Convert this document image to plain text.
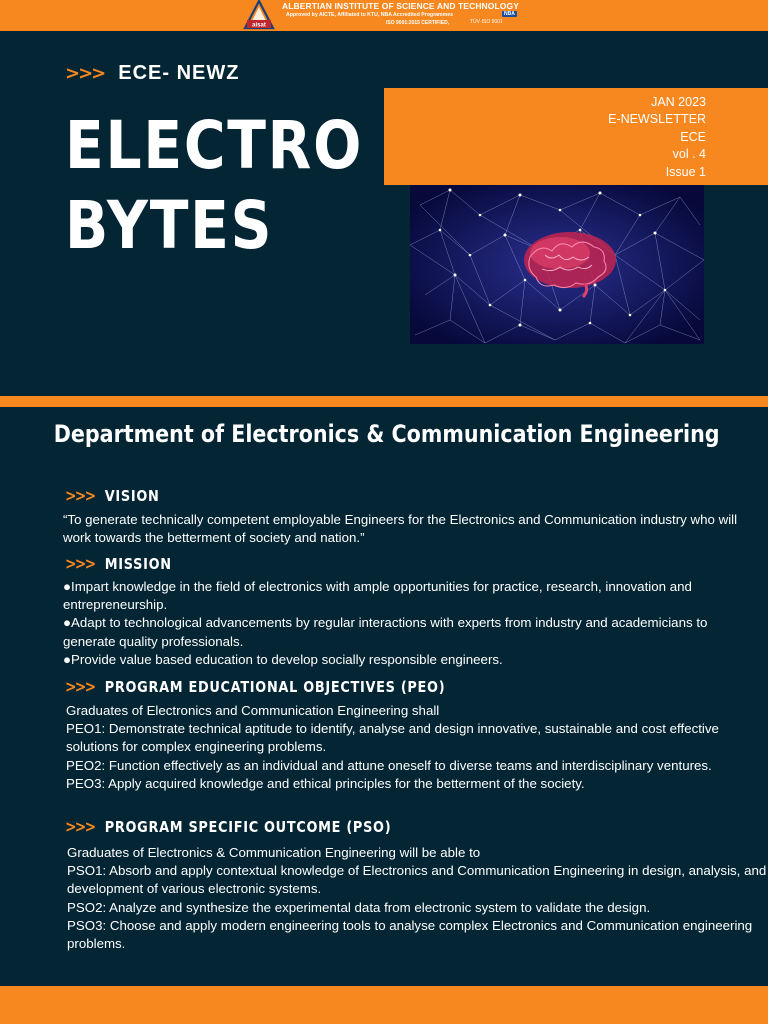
aisat
ALBERTIAN INSTITUTE OF SCIENCE AND TECHNOLOGY
Approved by AICTE, Affiliated to KTU, NBA Accredited Programmes	NBA
ISO 9001:2015 CERTIFIED,	TÜV·ISO 9001
>>> ECE- NEWZ
ELECTRO
BYTES
JAN 2023
E-NEWSLETTER
ECE
vol . 4
Issue 1
Department of Electronics & Communication Engineering
>>> VISION

“To generate technically competent employable Engineers for the Electronics and Communication industry who will work towards the betterment of society and nation.”

>>> MISSION

●Impart knowledge in the field of electronics with ample opportunities for practice, research, innovation and entrepreneurship.

●Adapt to technological advancements by regular interactions with experts from industry and academicians to generate quality professionals.

●Provide value based education to develop socially responsible engineers.

>>> PROGRAM EDUCATIONAL OBJECTIVES (PEO)

Graduates of Electronics and Communication Engineering shall

PEO1: Demonstrate technical aptitude to identify, analyse and design innovative, sustainable and cost effective solutions for complex engineering problems.

PEO2: Function effectively as an individual and attune oneself to diverse teams and interdisciplinary ventures.

PEO3: Apply acquired knowledge and ethical principles for the betterment of the society.

>>> PROGRAM SPECIFIC OUTCOME (PSO)

Graduates of Electronics & Communication Engineering will be able to

PSO1: Absorb and apply contextual knowledge of Electronics and Communication Engineering in design, analysis, and development of various electronic systems.

PSO2: Analyze and synthesize the experimental data from electronic system to validate the design.

PSO3: Choose and apply modern engineering tools to analyse complex Electronics and Communication engineering problems.
